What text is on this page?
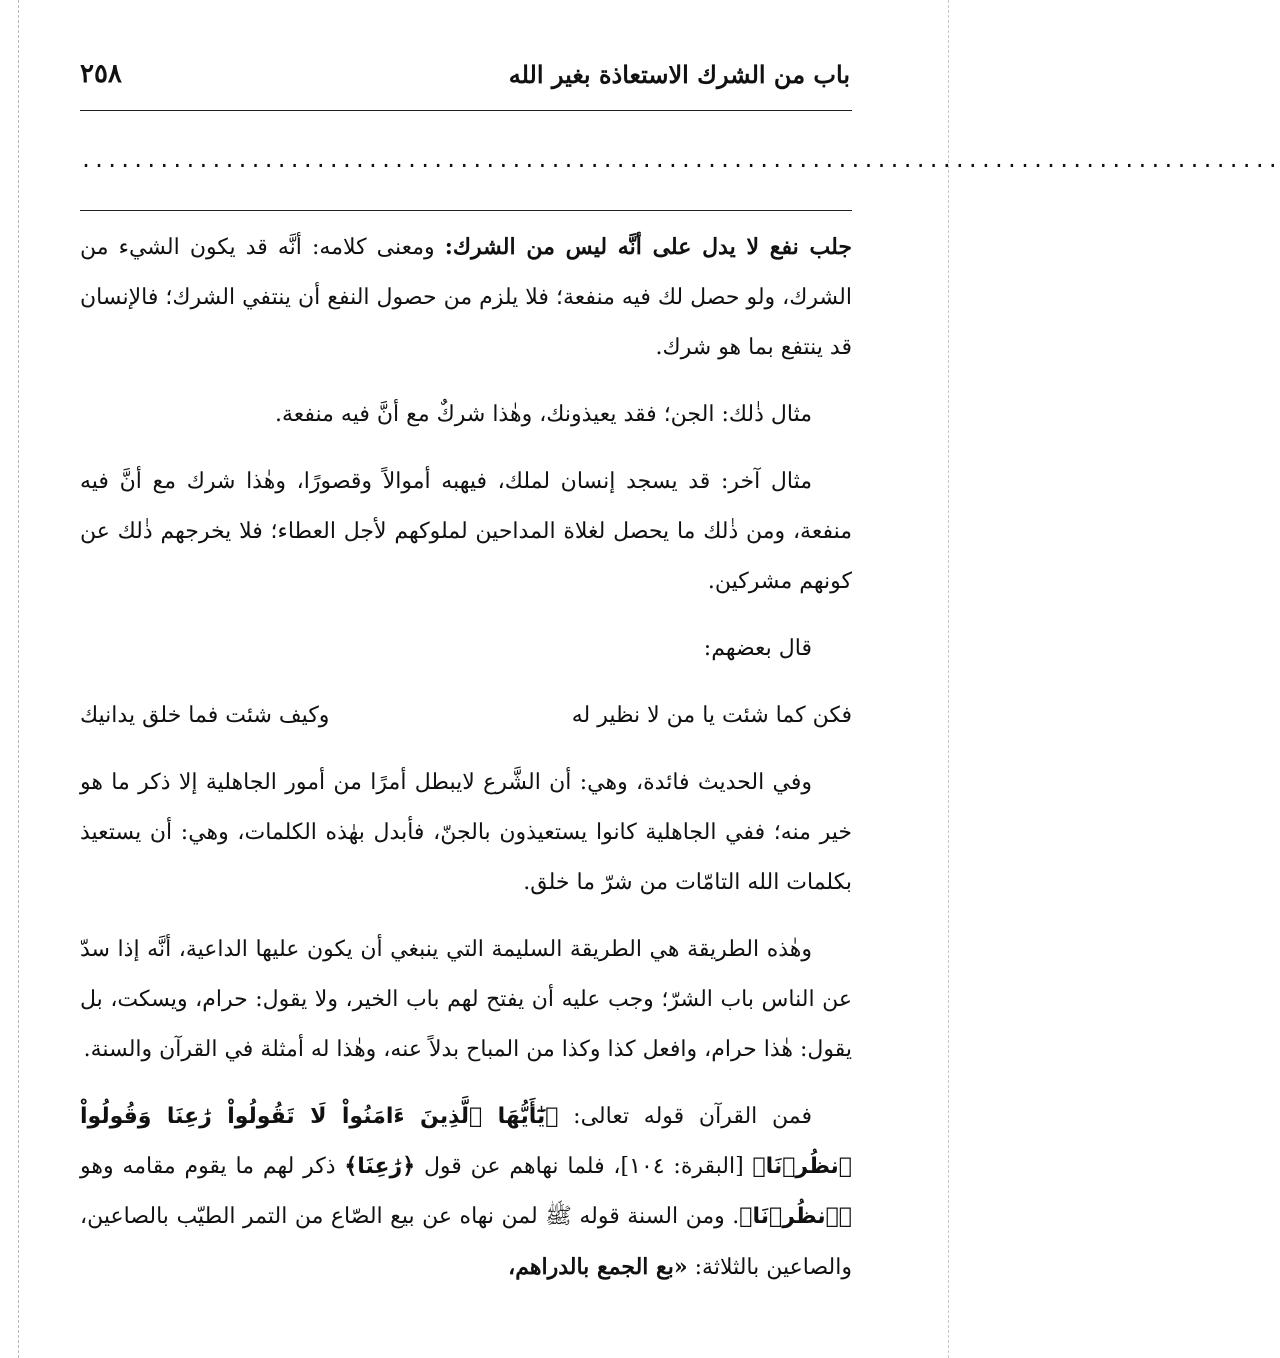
باب من الشرك الاستعاذة بغير الله
٢٥٨
............................................................................................

جلب نفع لا يدل على أنَّه ليس من الشرك: ومعنى كلامه: أنَّه قد يكون الشيء من الشرك، ولو حصل لك فيه منفعة؛ فلا يلزم من حصول النفع أن ينتفي الشرك؛ فالإنسان قد ينتفع بما هو شرك.

مثال ذٰلك: الجن؛ فقد يعيذونك، وهٰذا شركٌ مع أنَّ فيه منفعة.

مثال آخر: قد يسجد إنسان لملك، فيهبه أموالاً وقصورًا، وهٰذا شرك مع أنَّ فيه منفعة، ومن ذٰلك ما يحصل لغلاة المداحين لملوكهم لأجل العطاء؛ فلا يخرجهم ذٰلك عن كونهم مشركين.

قال بعضهم:

فكن كما شئت يا من لا نظير له
وكيف شئت فما خلق يدانيك

وفي الحديث فائدة، وهي: أن الشَّرع لايبطل أمرًا من أمور الجاهلية إلا ذكر ما هو خير منه؛ ففي الجاهلية كانوا يستعيذون بالجنّ، فأبدل بهٰذه الكلمات، وهي: أن يستعيذ بكلمات الله التامّات من شرّ ما خلق.

وهٰذه الطريقة هي الطريقة السليمة التي ينبغي أن يكون عليها الداعية، أنَّه إذا سدّ عن الناس باب الشرّ؛ وجب عليه أن يفتح لهم باب الخير، ولا يقول: حرام، ويسكت، بل يقول: هٰذا حرام، وافعل كذا وكذا من المباح بدلاً عنه، وهٰذا له أمثلة في القرآن والسنة.

فمن القرآن قوله تعالى: ﴿يَٰٓأَيُّهَا ٱلَّذِينَ ءَامَنُواْ لَا تَقُولُواْ رَٰعِنَا وَقُولُواْ ٱنظُرۡنَا﴾ [البقرة: ١٠٤]، فلما نهاهم عن قول ﴿رَٰعِنَا﴾ ذكر لهم ما يقوم مقامه وهو ﴿ٱنظُرۡنَا﴾. ومن السنة قوله ﷺ لمن نهاه عن بيع الصّاع من التمر الطيّب بالصاعين، والصاعين بالثلاثة: «بع الجمع بالدراهم،
